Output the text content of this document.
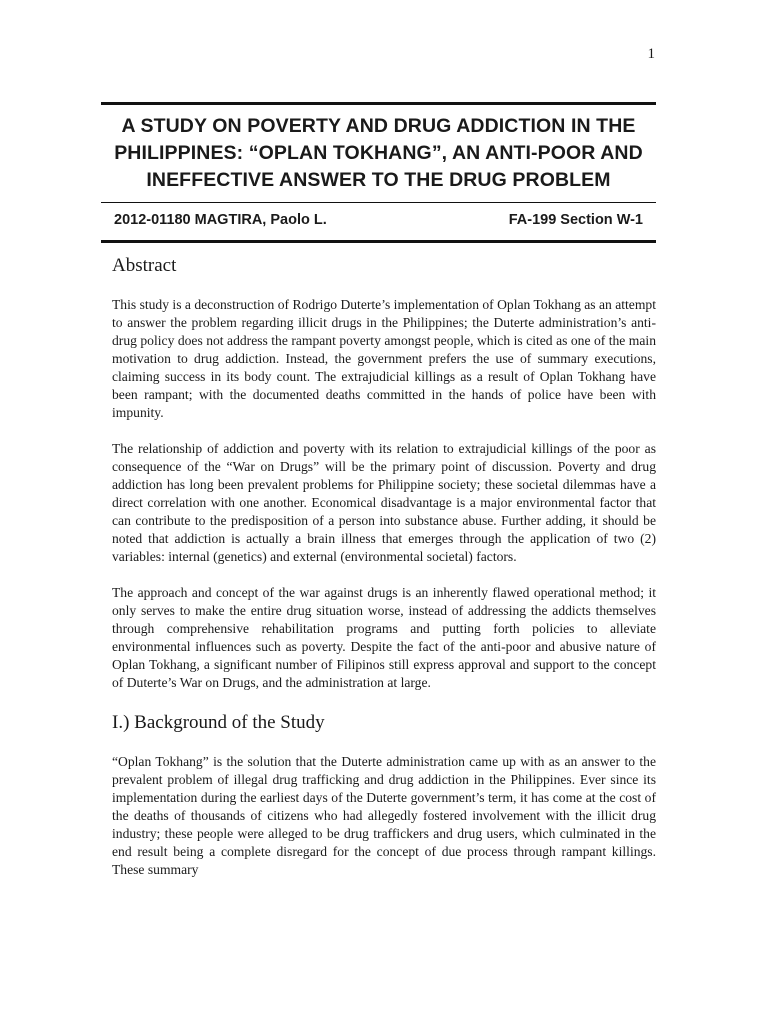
1
A STUDY ON POVERTY AND DRUG ADDICTION IN THE PHILIPPINES: “OPLAN TOKHANG”, AN ANTI-POOR AND INEFFECTIVE ANSWER TO THE DRUG PROBLEM
2012-01180 MAGTIRA, Paolo L.	FA-199 Section W-1
Abstract

This study is a deconstruction of Rodrigo Duterte’s implementation of Oplan Tokhang as an attempt to answer the problem regarding illicit drugs in the Philippines; the Duterte administration’s anti-drug policy does not address the rampant poverty amongst people, which is cited as one of the main motivation to drug addiction. Instead, the government prefers the use of summary executions, claiming success in its body count. The extrajudicial killings as a result of Oplan Tokhang have been rampant; with the documented deaths committed in the hands of police have been with impunity.

The relationship of addiction and poverty with its relation to extrajudicial killings of the poor as consequence of the “War on Drugs” will be the primary point of discussion. Poverty and drug addiction has long been prevalent problems for Philippine society; these societal dilemmas have a direct correlation with one another. Economical disadvantage is a major environmental factor that can contribute to the predisposition of a person into substance abuse. Further adding, it should be noted that addiction is actually a brain illness that emerges through the application of two (2) variables: internal (genetics) and external (environmental societal) factors.

The approach and concept of the war against drugs is an inherently flawed operational method; it only serves to make the entire drug situation worse, instead of addressing the addicts themselves through comprehensive rehabilitation programs and putting forth policies to alleviate environmental influences such as poverty. Despite the fact of the anti-poor and abusive nature of Oplan Tokhang, a significant number of Filipinos still express approval and support to the concept of Duterte’s War on Drugs, and the administration at large.

I.) Background of the Study

“Oplan Tokhang” is the solution that the Duterte administration came up with as an answer to the prevalent problem of illegal drug trafficking and drug addiction in the Philippines. Ever since its implementation during the earliest days of the Duterte government’s term, it has come at the cost of the deaths of thousands of citizens who had allegedly fostered involvement with the illicit drug industry; these people were alleged to be drug traffickers and drug users, which culminated in the end result being a complete disregard for the concept of due process through rampant killings. These summary
